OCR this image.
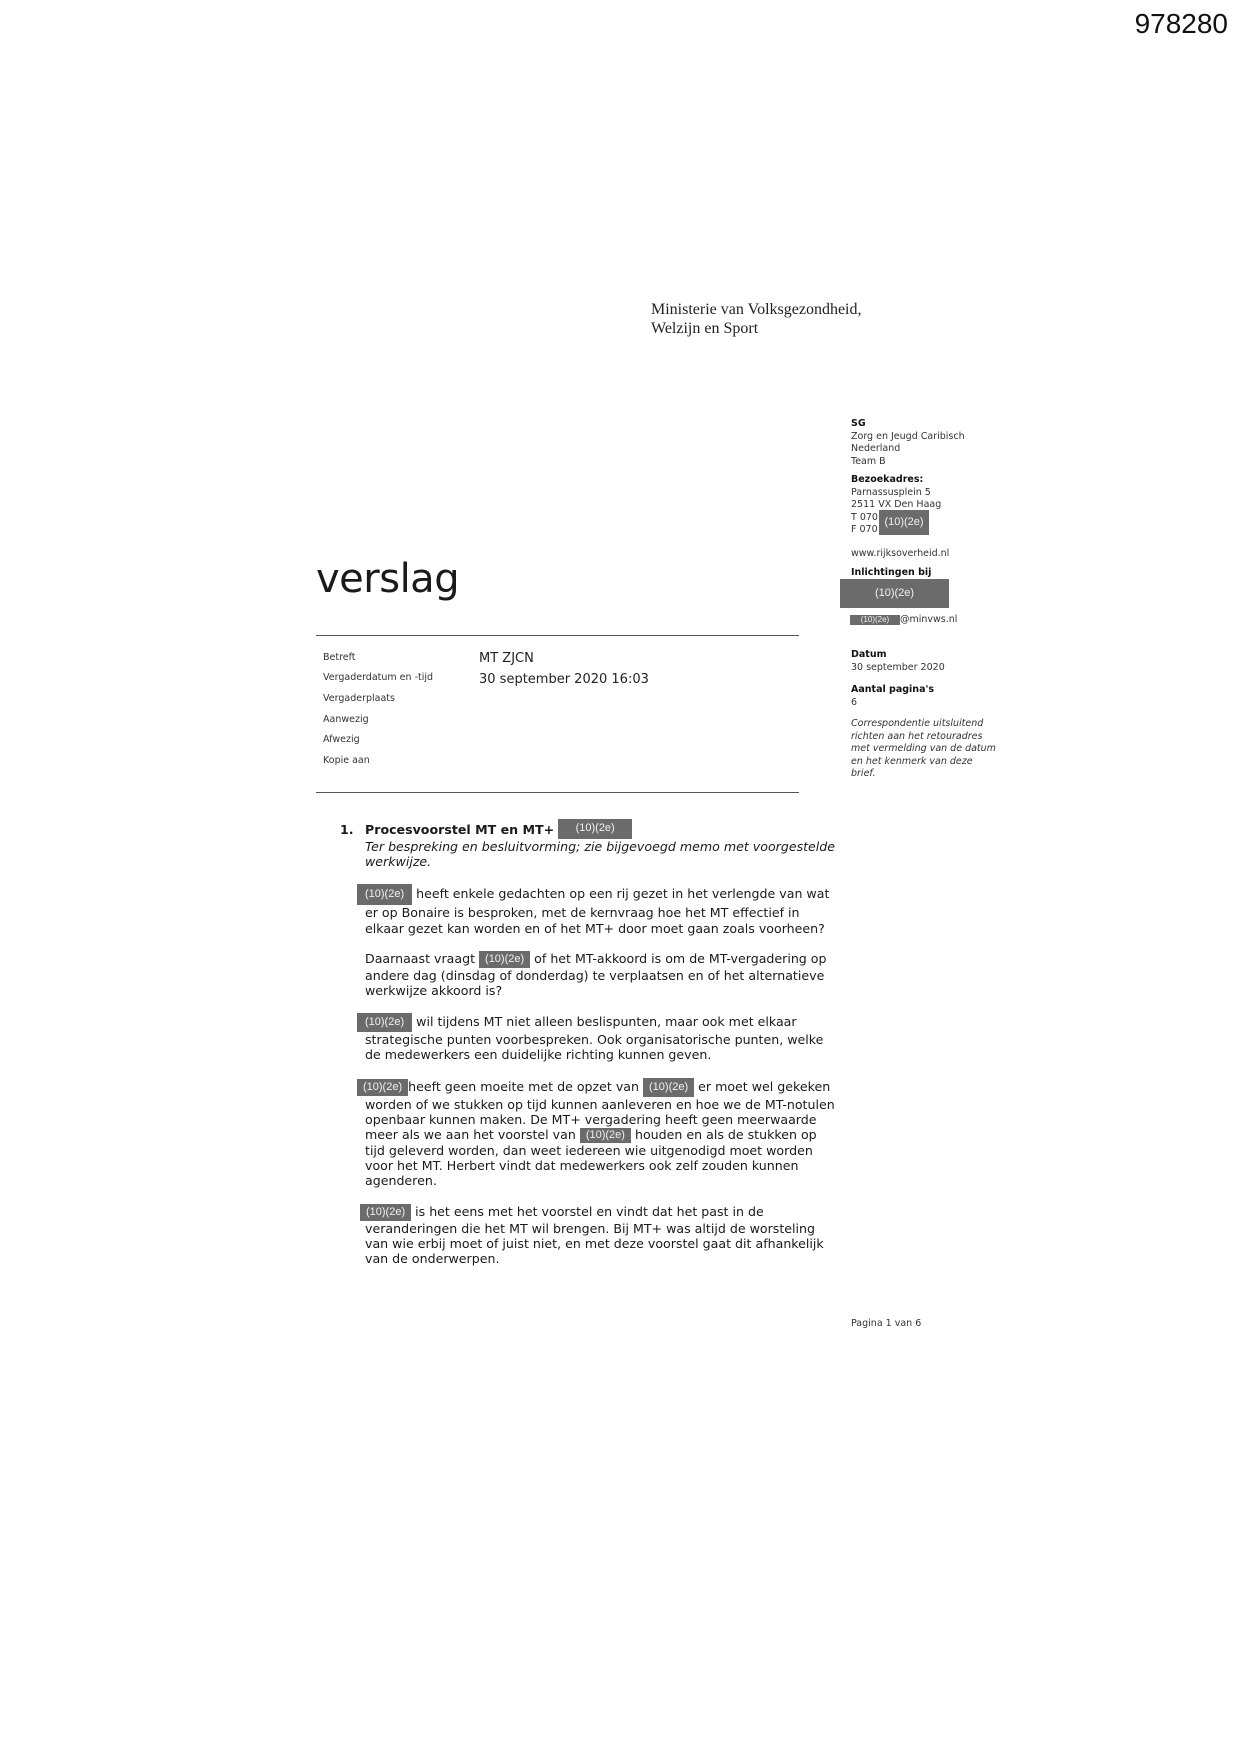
978280
Ministerie van Volksgezondheid,
Welzijn en Sport
SG
Zorg en Jeugd Caribisch
Nederland
Team B
Bezoekadres:
Parnassusplein 5
2511 VX Den Haag
T 070
F 070
(10)(2e)
www.rijksoverheid.nl
Inlichtingen bij
(10)(2e)
(10)(2e) @minvws.nl
Datum
30 september 2020
Aantal pagina's
6
Correspondentie uitsluitend
richten aan het retouradres
met vermelding van de datum
en het kenmerk van deze
brief.
verslag
Betreft
Vergaderdatum en -tijd
Vergaderplaats
Aanwezig
Afwezig
Kopie aan
MT ZJCN
30 september 2020 16:03
1. Procesvoorstel MT en MT+	(10)(2e)
Ter bespreking en besluitvorming; zie bijgevoegd memo met voorgestelde werkwijze.

(10)(2e) heeft enkele gedachten op een rij gezet in het verlengde van wat er op Bonaire is besproken, met de kernvraag hoe het MT effectief in elkaar gezet kan worden en of het MT+ door moet gaan zoals voorheen?

Daarnaast vraagt (10)(2e) of het MT-akkoord is om de MT-vergadering op andere dag (dinsdag of donderdag) te verplaatsen en of het alternatieve werkwijze akkoord is?

(10)(2e) wil tijdens MT niet alleen beslispunten, maar ook met elkaar strategische punten voorbespreken. Ook organisatorische punten, welke de medewerkers een duidelijke richting kunnen geven.

(10)(2e) heeft geen moeite met de opzet van (10)(2e) er moet wel gekeken worden of we stukken op tijd kunnen aanleveren en hoe we de MT-notulen openbaar kunnen maken. De MT+ vergadering heeft geen meerwaarde meer als we aan het voorstel van (10)(2e) houden en als de stukken op tijd geleverd worden, dan weet iedereen wie uitgenodigd moet worden voor het MT. Herbert vindt dat medewerkers ook zelf zouden kunnen agenderen.

(10)(2e) is het eens met het voorstel en vindt dat het past in de veranderingen die het MT wil brengen. Bij MT+ was altijd de worsteling van wie erbij moet of juist niet, en met deze voorstel gaat dit afhankelijk van de onderwerpen.

Pagina 1 van 6
